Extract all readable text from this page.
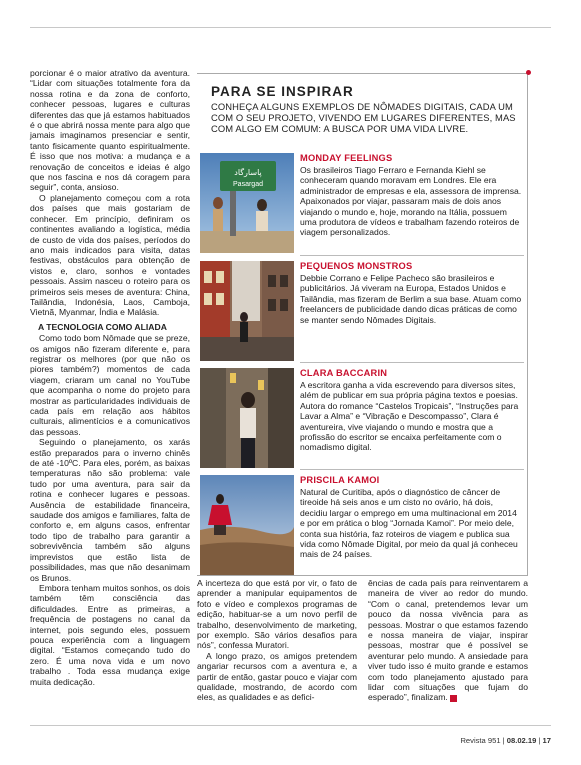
porcionar é o maior atrativo da aventura. “Lidar com situações totalmente fora da nossa rotina e da zona de conforto, conhecer pessoas, lugares e culturas diferentes das que já estamos habituados é o que abrirá nossa mente para algo que jamais imaginamos presenciar e sentir, tanto fisicamente quanto espiritualmente. É isso que nos motiva: a mudança e a renovação de conceitos e ideias é algo que nos fascina e nos dá coragem para seguir”, conta, ansioso.

O planejamento começou com a rota dos países que mais gostariam de conhecer. Em princípio, definiram os continentes avaliando a logística, média de custo de vida dos países, períodos do ano mais indicados para visita, datas festivas, obstáculos para obtenção de vistos e, claro, sonhos e vontades pessoais. Assim nasceu o roteiro para os primeiros seis meses de aventura: China, Tailândia, Indonésia, Laos, Camboja, Vietnã, Myanmar, Índia e Malásia.

A TECNOLOGIA COMO ALIADA

Como todo bom Nômade que se preze, os amigos não fizeram diferente e, para registrar os melhores (por que não os piores também?) momentos de cada viagem, criaram um canal no YouTube que acompanha o nome do projeto para mostrar as particularidades individuais de cada país em relação aos hábitos culturais, alimentícios e a comunicativos das pessoas.

Seguindo o planejamento, os xarás estão preparados para o inverno chinês de até -10ºC. Para eles, porém, as baixas temperaturas não são problema: vale tudo por uma aventura, para sair da rotina e conhecer lugares e pessoas. Ausência de estabilidade financeira, saudade dos amigos e familiares, falta de conforto e, em alguns casos, enfrentar todo tipo de trabalho para garantir a sobrevivência também são alguns imprevistos que estão lista de possibilidades, mas que não desanimam os Brunos.

Embora tenham muitos sonhos, os dois também têm consciência das dificuldades. Entre as primeiras, a frequência de postagens no canal da internet, pois segundo eles, possuem pouca experiência com a linguagem digital. “Estamos começando tudo do zero. É uma nova vida e um novo trabalho . Toda essa mudança exige muita dedicação.

PARA SE INSPIRAR
CONHEÇA ALGUNS EXEMPLOS DE NÔMADES DIGITAIS, CADA UM COM O SEU PROJETO, VIVENDO EM LUGARES DIFERENTES, MAS COM ALGO EM COMUM: A BUSCA POR UMA VIDA LIVRE.
پاسارگاد
Pasargad
MONDAY FEELINGS
Os brasileiros Tiago Ferraro e Fernanda Kiehl se conheceram quando moravam em Londres. Ele era administrador de empresas e ela, assessora de imprensa. Apaixonados por viajar, passaram mais de dois anos viajando o mundo e, hoje, morando na Itália, possuem uma produtora de vídeos e trabalham fazendo roteiros de viagem personalizados.
PEQUENOS MONSTROS
Debbie Corrano e Felipe Pacheco são brasileiros e publicitários. Já viveram na Europa, Estados Unidos e Tailândia, mas fizeram de Berlim a sua base. Atuam como freelancers de publicidade dando dicas práticas de como se manter sendo Nômades Digitais.
CLARA BACCARIN
A escritora ganha a vida escrevendo para diversos sites, além de publicar em sua própria página textos e poesias. Autora do romance “Castelos Tropicais”, “Instruções para Lavar a Alma” e “Vibração e Descompasso”, Clara é aventureira, vive viajando o mundo e mostra que a profissão do escritor se encaixa perfeitamente com o nomadismo digital.
PRISCILA KAMOI
Natural de Curitiba, após o diagnóstico de câncer de tireoide há seis anos e um cisto no ovário, há dois, decidiu largar o emprego em uma multinacional em 2014 e por em prática o blog “Jornada Kamoi”. Por meio dele, conta sua história, faz roteiros de viagem e publica sua vida como Nômade Digital, por meio da qual já conheceu mais de 24 países.

A incerteza do que está por vir, o fato de aprender a manipular equipamentos de foto e vídeo e complexos programas de edição, habituar-se a um novo perfil de trabalho, desenvolvimento de marketing, por exemplo. São vários desafios para nós”, confessa Muratori.

A longo prazo, os amigos pretendem angariar recursos com a aventura e, a partir de então, gastar pouco e viajar com qualidade, mostrando, de acordo com eles, as qualidades e as defici-

ências de cada país para reinventarem a maneira de viver ao redor do mundo. “Com o canal, pretendemos levar um pouco da nossa vivência para as pessoas. Mostrar o que estamos fazendo e nossa maneira de viajar, inspirar pessoas, mostrar que é possível se aventurar pelo mundo. A ansiedade para viver tudo isso é muito grande e estamos com todo planejamento ajustado para lidar com situações que fujam do esperado”, finalizam.

Revista 951 | 08.02.19 | 17
